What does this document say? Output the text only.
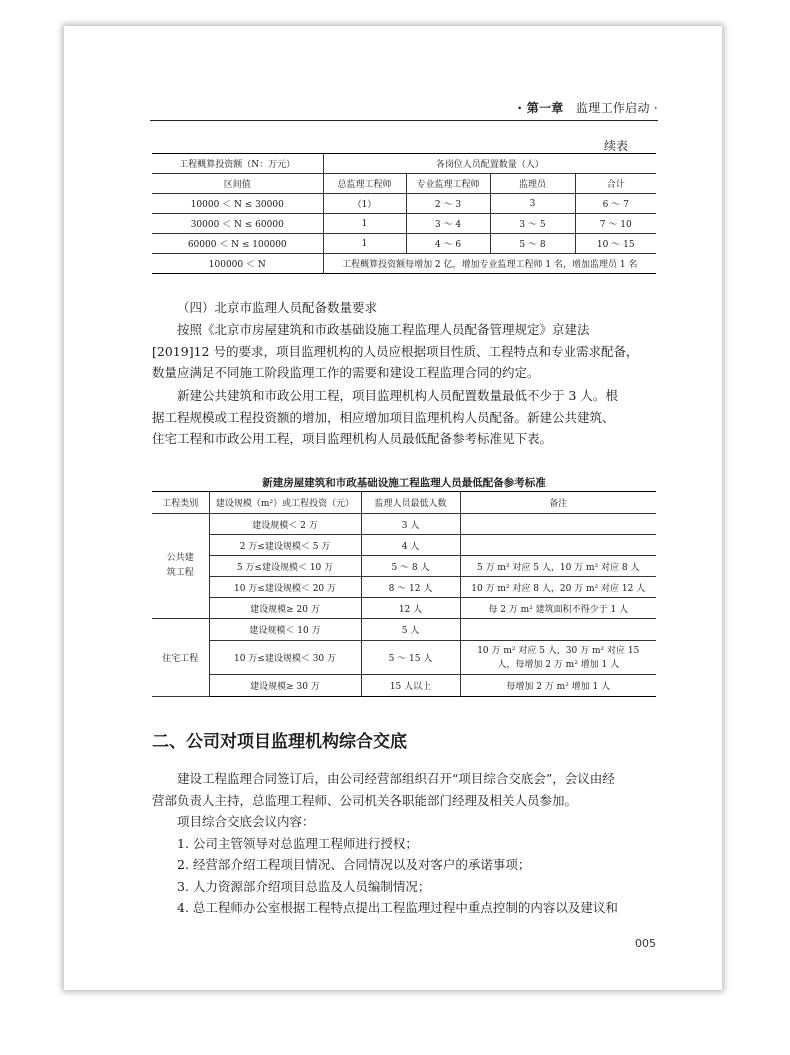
· 第一章 监理工作启动 ·
续表
工程概算投资额（N：万元）	各岗位人员配置数量（人）			
区间值	总监理工程师	专业监理工程师	监理员	合计
10000 ＜ N ≤ 30000	（1）	2 ～ 3	3	6 ～ 7
30000 ＜ N ≤ 60000	1	3 ～ 4	3 ～ 5	7 ～ 10
60000 ＜ N ≤ 100000	1	4 ～ 6	5 ～ 8	10 ～ 15
100000 ＜ N	工程概算投资额每增加 2 亿，增加专业监理工程师 1 名，增加监理员 1 名			
（四）北京市监理人员配备数量要求
按照《北京市房屋建筑和市政基础设施工程监理人员配备管理规定》京建法
[2019]12 号的要求，项目监理机构的人员应根据项目性质、工程特点和专业需求配备，
数量应满足不同施工阶段监理工作的需要和建设工程监理合同的约定。
新建公共建筑和市政公用工程，项目监理机构人员配置数量最低不少于 3 人。根
据工程规模或工程投资额的增加，相应增加项目监理机构人员配备。新建公共建筑、
住宅工程和市政公用工程，项目监理机构人员最低配备参考标准见下表。
新建房屋建筑和市政基础设施工程监理人员最低配备参考标准
工程类别	建设规模（m²）或工程投资（元）	监理人员最低人数	备注

公共建筑工程	建设规模＜ 2 万	3 人	
	2 万≤建设规模＜ 5 万	4 人	
	5 万≤建设规模＜ 10 万	5 ～ 8 人	5 万 m² 对应 5 人，10 万 m² 对应 8 人
	10 万≤建设规模＜ 20 万	8 ～ 12 人	10 万 m² 对应 8 人，20 万 m² 对应 12 人
	建设规模≥ 20 万	12 人	每 2 万 m² 建筑面积不得少于 1 人
住宅工程	建设规模＜ 10 万	5 人	
	10 万≤建设规模＜ 30 万	5 ～ 15 人	10 万 m² 对应 5 人，30 万 m² 对应 15 人，每增加 2 万 m² 增加 1 人
	建设规模≥ 30 万	15 人以上	每增加 2 万 m² 增加 1 人
二、公司对项目监理机构综合交底
建设工程监理合同签订后，由公司经营部组织召开“项目综合交底会”，会议由经
营部负责人主持，总监理工程师、公司机关各职能部门经理及相关人员参加。
项目综合交底会议内容：
1. 公司主管领导对总监理工程师进行授权；
2. 经营部介绍工程项目情况、合同情况以及对客户的承诺事项；
3. 人力资源部介绍项目总监及人员编制情况；
4. 总工程师办公室根据工程特点提出工程监理过程中重点控制的内容以及建议和
005
